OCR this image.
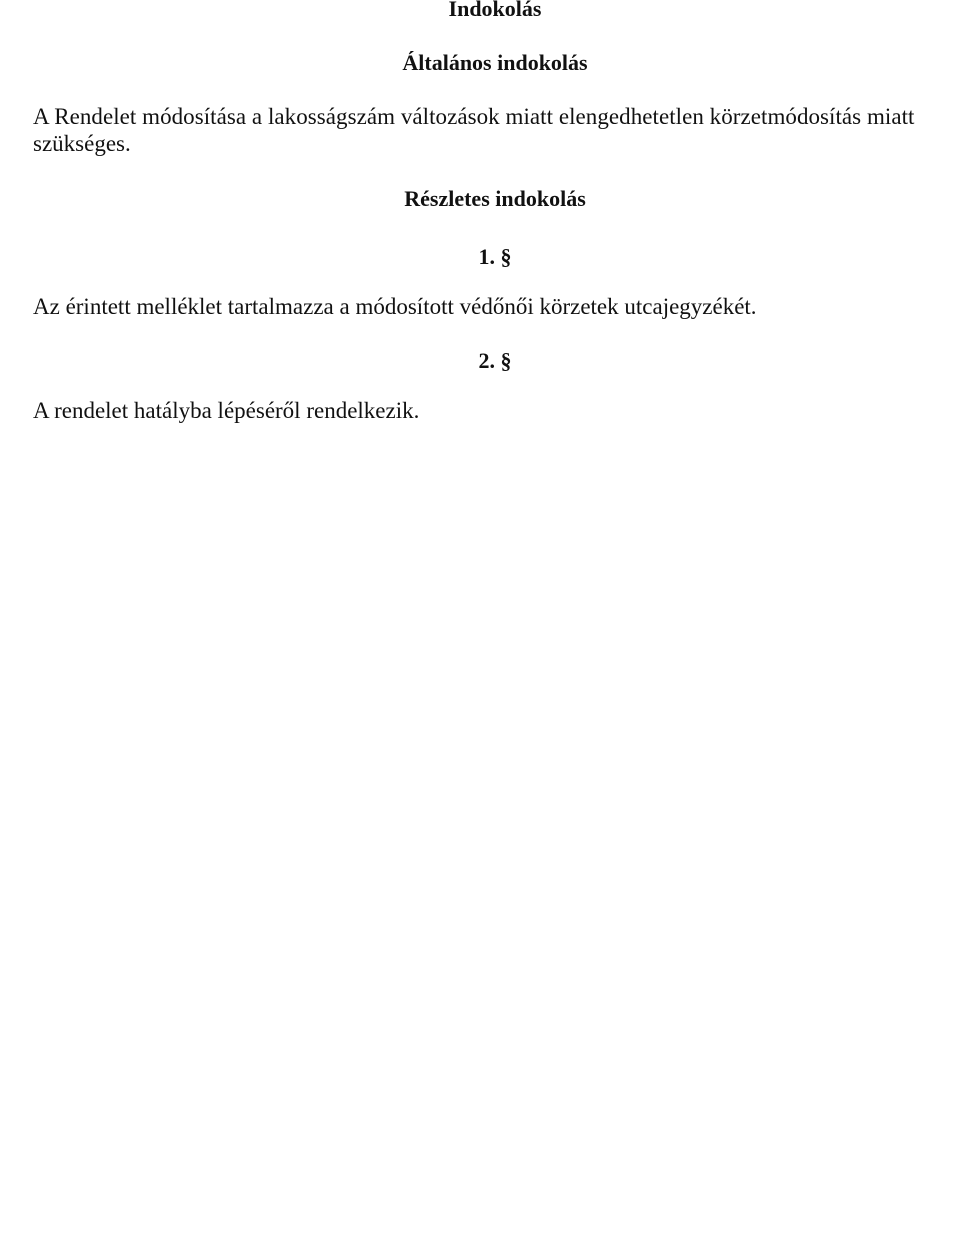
Indokolás
Általános indokolás

A Rendelet módosítása a lakosságszám változások miatt elengedhetetlen körzetmódosítás miatt

szükséges.

Részletes indokolás
1. §

Az érintett melléklet tartalmazza a módosított védőnői körzetek utcajegyzékét.

2. §

A rendelet hatályba lépéséről rendelkezik.
